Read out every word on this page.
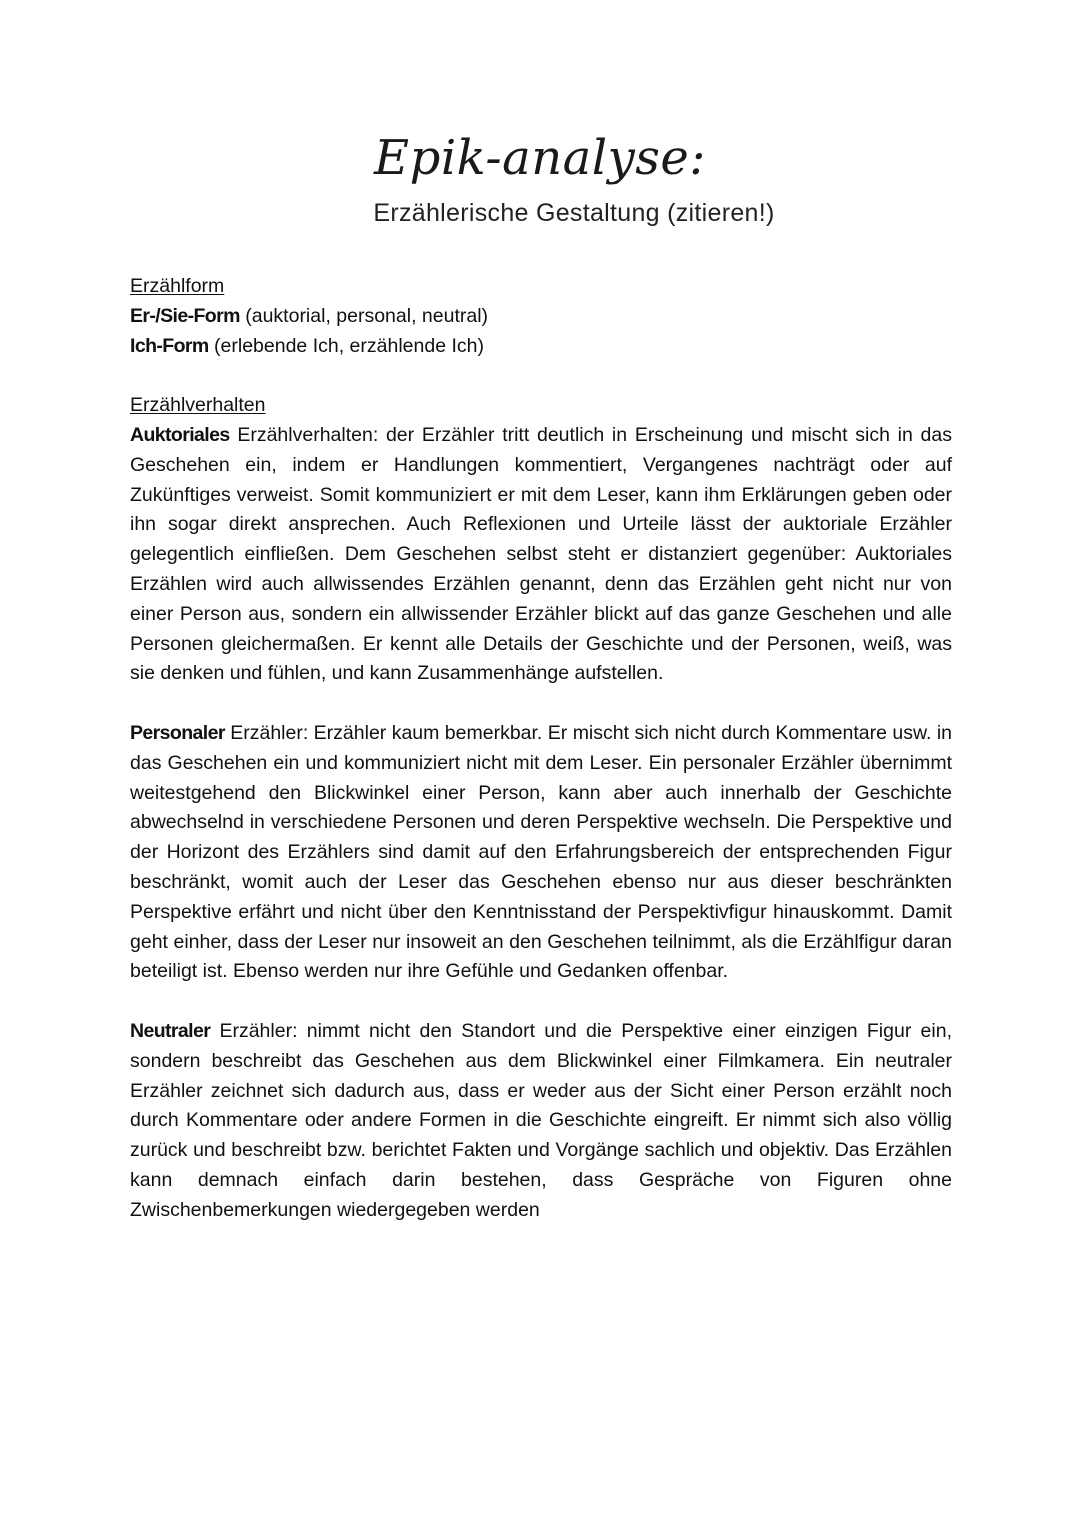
Epik-analyse:
Erzählerische Gestaltung (zitieren!)
Erzählform
Er-/Sie-Form (auktorial, personal, neutral)
Ich-Form (erlebende Ich, erzählende Ich)
Erzählverhalten

Auktoriales Erzählverhalten: der Erzähler tritt deutlich in Erscheinung und mischt sich in das Geschehen ein, indem er Handlungen kommentiert, Vergangenes nachträgt oder auf Zukünftiges verweist. Somit kommuniziert er mit dem Leser, kann ihm Erklärungen geben oder ihn sogar direkt ansprechen. Auch Reflexionen und Urteile lässt der auktoriale Erzähler gelegentlich einfließen. Dem Geschehen selbst steht er distanziert gegenüber: Auktoriales Erzählen wird auch allwissendes Erzählen genannt, denn das Erzählen geht nicht nur von einer Person aus, sondern ein allwissender Erzähler blickt auf das ganze Geschehen und alle Personen gleichermaßen. Er kennt alle Details der Geschichte und der Personen, weiß, was sie denken und fühlen, und kann Zusammenhänge aufstellen.

Personaler Erzähler: Erzähler kaum bemerkbar. Er mischt sich nicht durch Kommentare usw. in das Geschehen ein und kommuniziert nicht mit dem Leser. Ein personaler Erzähler übernimmt weitestgehend den Blickwinkel einer Person, kann aber auch innerhalb der Geschichte abwechselnd in verschiedene Personen und deren Perspektive wechseln. Die Perspektive und der Horizont des Erzählers sind damit auf den Erfahrungsbereich der entsprechenden Figur beschränkt, womit auch der Leser das Geschehen ebenso nur aus dieser beschränkten Perspektive erfährt und nicht über den Kenntnisstand der Perspektivfigur hinauskommt. Damit geht einher, dass der Leser nur insoweit an den Geschehen teilnimmt, als die Erzählfigur daran beteiligt ist. Ebenso werden nur ihre Gefühle und Gedanken offenbar.

Neutraler Erzähler: nimmt nicht den Standort und die Perspektive einer einzigen Figur ein, sondern beschreibt das Geschehen aus dem Blickwinkel einer Filmkamera. Ein neutraler Erzähler zeichnet sich dadurch aus, dass er weder aus der Sicht einer Person erzählt noch durch Kommentare oder andere Formen in die Geschichte eingreift. Er nimmt sich also völlig zurück und beschreibt bzw. berichtet Fakten und Vorgänge sachlich und objektiv. Das Erzählen kann demnach einfach darin bestehen, dass Gespräche von Figuren ohne Zwischenbemerkungen wiedergegeben werden
